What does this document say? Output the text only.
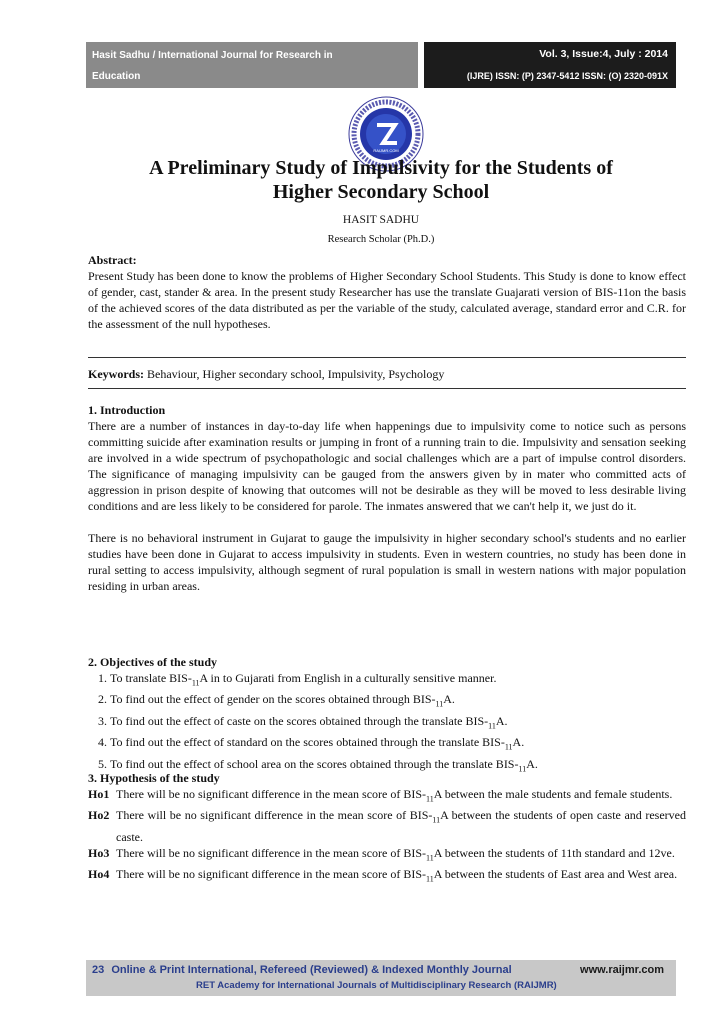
Hasit Sadhu / International Journal for Research in
Education
Vol. 3, Issue:4, July : 2014
(IJRE) ISSN: (P) 2347-5412 ISSN: (O) 2320-091X
RAIJMR.COM
A Preliminary Study of Impulsivity for the Students of
Higher Secondary School
HASIT SADHU
Research Scholar (Ph.D.)
Abstract:

Present Study has been done to know the problems of Higher Secondary School Students. This Study is done to know effect of gender, cast, stander & area. In the present study Researcher has use the translate Guajarati version of BIS-11on the basis of the achieved scores of the data distributed as per the variable of the study, calculated average, standard error and C.R. for the assessment of the null hypotheses.

Keywords: Behaviour, Higher secondary school, Impulsivity, Psychology
1. Introduction

There are a number of instances in day-to-day life when happenings due to impulsivity come to notice such as persons committing suicide after examination results or jumping in front of a running train to die. Impulsivity and sensation seeking are involved in a wide spectrum of psychopathologic and social challenges which are a part of impulse control disorders. The significance of managing impulsivity can be gauged from the answers given by in mater who committed acts of aggression in prison despite of knowing that outcomes will not be desirable as they will be moved to less desirable living conditions and are less likely to be considered for parole. The inmates answered that we can't help it, we just do it.

There is no behavioral instrument in Gujarat to gauge the impulsivity in higher secondary school's students and no earlier studies have been done in Gujarat to access impulsivity in students. Even in western countries, no study has been done in rural setting to access impulsivity, although segment of rural population is small in western nations with major population residing in urban areas.

2. Objectives of the study
1. To translate BIS-$_{11}A$ in to Gujarati from English in a culturally sensitive manner.
2. To find out the effect of gender on the scores obtained through BIS-$_{11}A$.
3. To find out the effect of caste on the scores obtained through the translate BIS-$_{11}A$.
4. To find out the effect of standard on the scores obtained through the translate BIS-$_{11}A$.
5. To find out the effect of school area on the scores obtained through the translate BIS-$_{11}A$.
3. Hypothesis of the study
Ho1 There will be no significant difference in the mean score of BIS-$_{11}A$ between the male students and female students.
Ho2 There will be no significant difference in the mean score of BIS-$_{11}A$ between the students of open caste and reserved caste.
Ho3 There will be no significant difference in the mean score of BIS-$_{11}A$ between the students of 11th standard and 12ve.
Ho4 There will be no significant difference in the mean score of BIS-$_{11}A$ between the students of East area and West area.
23 Online & Print International, Refereed (Reviewed) & Indexed Monthly Journal	www.raijmr.com
RET Academy for International Journals of Multidisciplinary Research (RAIJMR)
